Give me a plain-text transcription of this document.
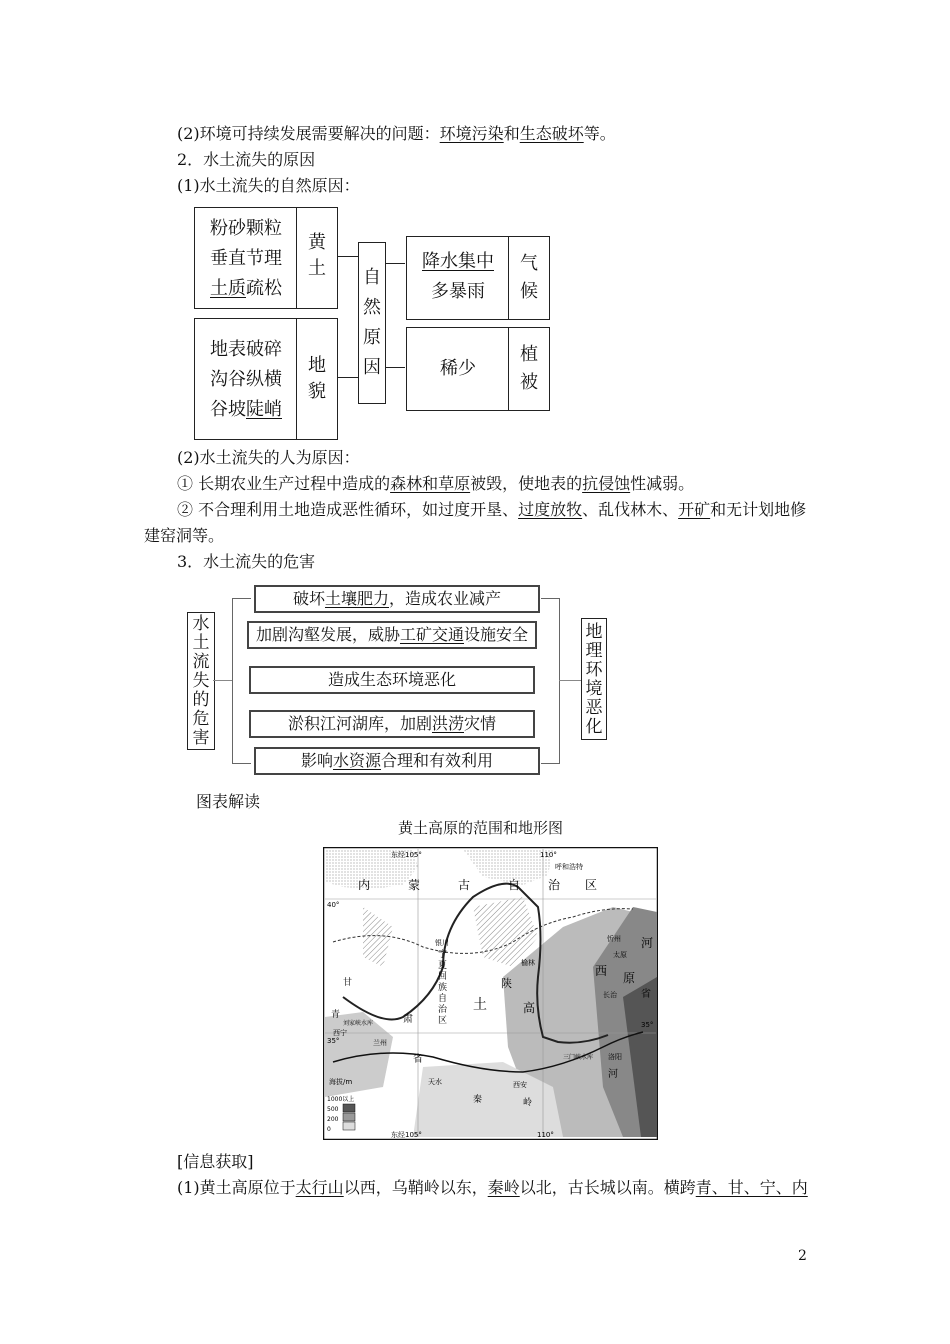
(2)环境可持续发展需要解决的问题：环境污染和生态破坏等。
2．水土流失的原因
(1)水土流失的自然原因：
粉砂颗粒
垂直节理
土质疏松
黄
土
地表破碎
沟谷纵横
谷坡陡峭
地
貌
自
然
原
因
降水集中
多暴雨
气
候
稀少
植
被
(2)水土流失的人为原因：
① 长期农业生产过程中造成的森林和草原被毁，使地表的抗侵蚀性减弱。
② 不合理利用土地造成恶性循环，如过度开垦、过度放牧、乱伐林木、开矿和无计划地修
建窑洞等。
3．水土流失的危害
水
土
流
失
的
危
害
破坏土壤肥力，造成农业减产
加剧沟壑发展，威胁工矿交通设施安全
造成生态环境恶化
淤积江河湖库，加剧洪涝灾情
影响水资源合理和有效利用
地
理
环
境
恶
化
图表解读
黄土高原的范围和地形图
东经105°	110°
呼和浩特
内	蒙	古	自 治 区
40°
35°
35°
银川
宁
夏
回
族
自
治
区
甘
青	肃
省
兰州
西宁
刘家峡水库
榆林
太原
忻州
长治
西
陕
土	高
原
河
省
天水	西安
秦	岭
三门峡水库 洛阳
河
海拔/m
1000以上
500
200
0
东经105°	110°
[信息获取]
(1)黄土高原位于太行山以西，乌鞘岭以东，秦岭以北，古长城以南。横跨青、甘、宁、内
2
